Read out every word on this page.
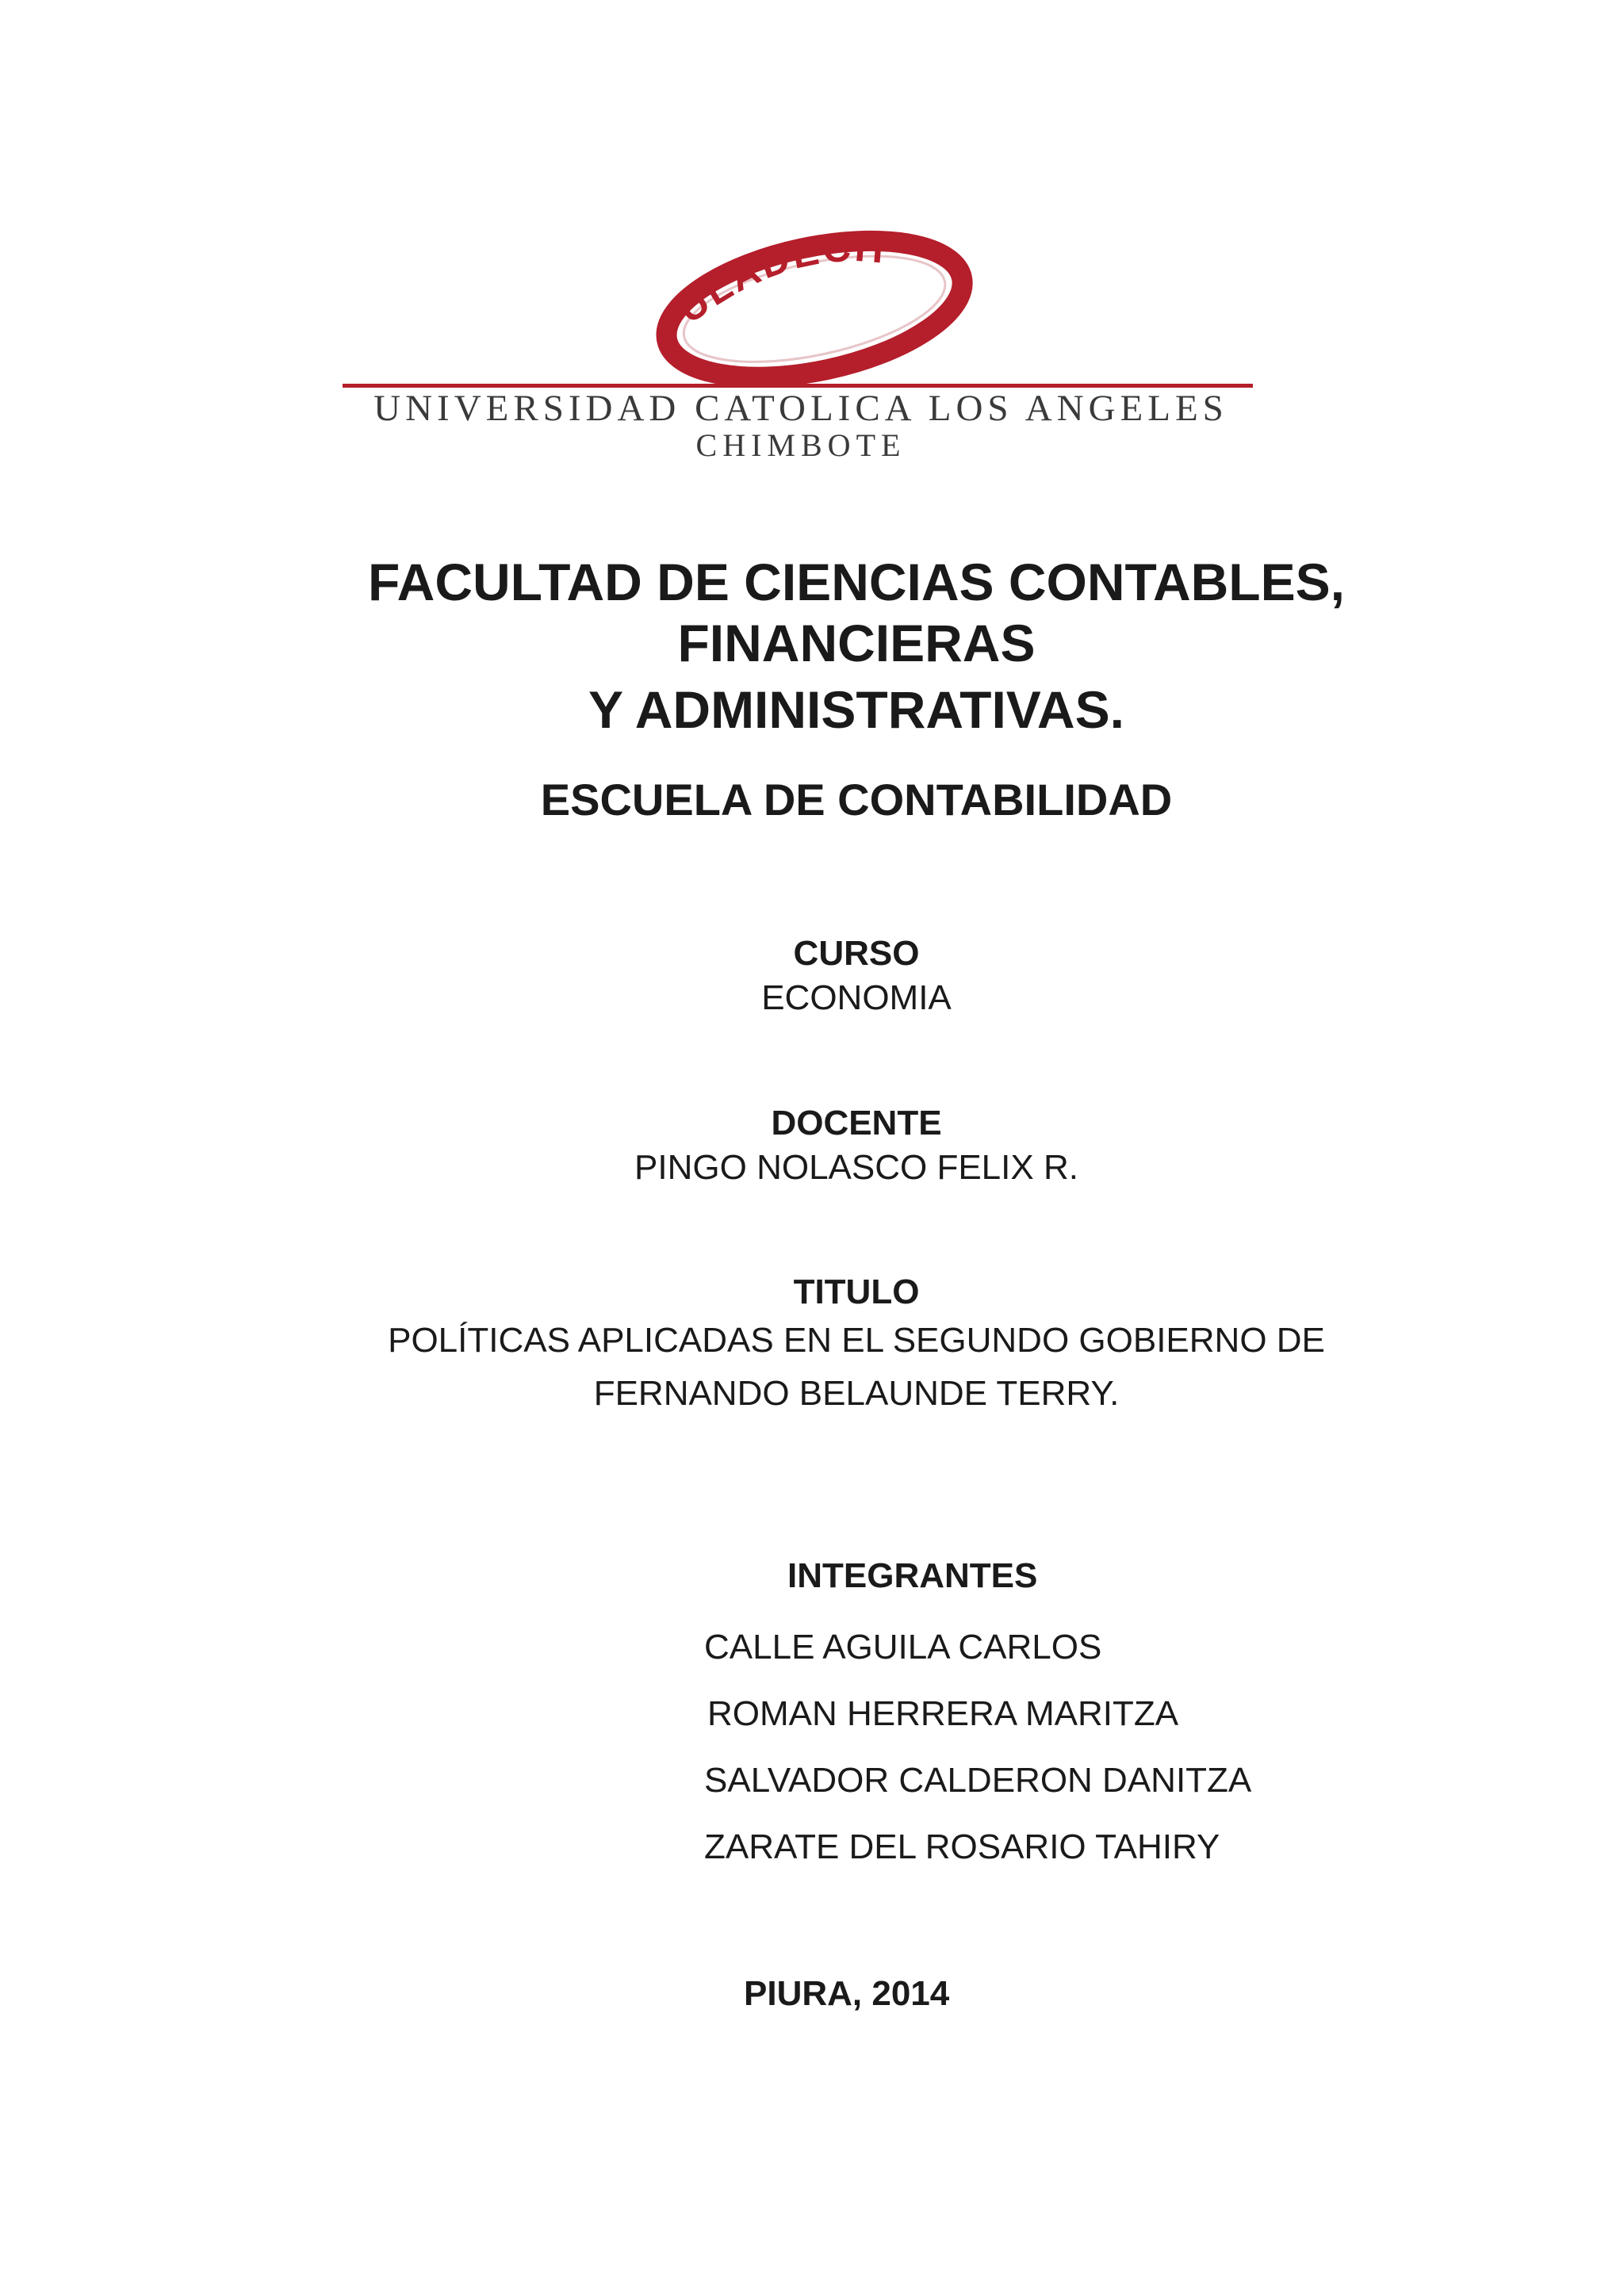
ULADECH
CATOLICA
UNIVERSIDAD CATOLICA LOS ANGELES
CHIMBOTE
FACULTAD DE CIENCIAS CONTABLES,
FINANCIERAS
Y ADMINISTRATIVAS.
ESCUELA DE CONTABILIDAD
CURSO
ECONOMIA
DOCENTE
PINGO NOLASCO FELIX R.
TITULO
POLÍTICAS APLICADAS EN EL SEGUNDO GOBIERNO DE
FERNANDO BELAUNDE TERRY.
INTEGRANTES
CALLE AGUILA CARLOS
ROMAN HERRERA MARITZA
SALVADOR CALDERON DANITZA
ZARATE DEL ROSARIO TAHIRY
PIURA, 2014
